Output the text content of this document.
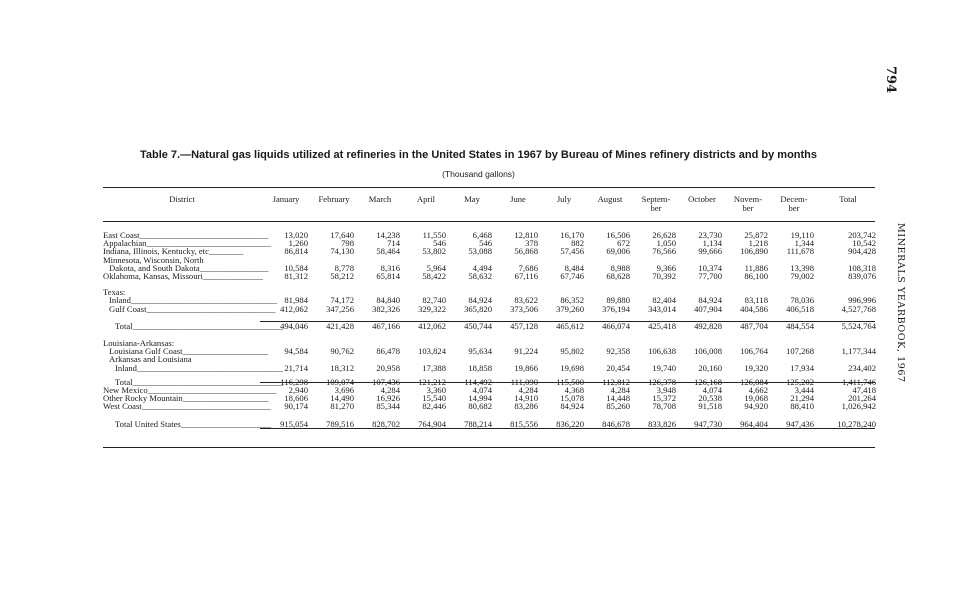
794
MINERALS YEARBOOK, 1967
Table 7.—Natural gas liquids utilized at refineries in the United States in 1967 by Bureau of Mines refinery districts and by months
(Thousand gallons)
District	January	February	March	April	May	June	July	August	Septem-
ber	October	Novem-
ber	Decem-
ber	Total
East Coast______________________________	13,020	17,640	14,238	11,550	6,468	12,810	16,170	16,506	26,628	23,730	25,872	19,110	203,742
Appalachian_____________________________	1,260	798	714	546	546	378	882	672	1,050	1,134	1,218	1,344	10,542
Indiana, Illinois, Kentucky, etc________	86,814	74,130	58,464	53,802	53,088	56,868	57,456	69,006	76,566	99,666	106,890	111,678	904,428
Minnesota, Wisconsin, North													
Dakota, and South Dakota________________	10,584	8,778	8,316	5,964	4,494	7,686	8,484	8,988	9,366	10,374	11,886	13,398	108,318
Oklahoma, Kansas, Missouri______________	81,312	58,212	65,814	58,422	58,632	67,116	67,746	68,628	70,392	77,700	86,100	79,002	839,076

Texas:													
Inland__________________________________	81,984	74,172	84,840	82,740	84,924	83,622	86,352	89,880	82,404	84,924	83,118	78,036	996,996
Gulf Coast______________________________	412,062	347,256	382,326	329,322	365,820	373,506	379,260	376,194	343,014	407,904	404,586	406,518	4,527,768

Total___________________________________	494,046	421,428	467,166	412,062	450,744	457,128	465,612	466,074	425,418	492,828	487,704	484,554	5,524,764

Louisiana-Arkansas:													
Louisiana Gulf Coast____________________	94,584	90,762	86,478	103,824	95,634	91,224	95,802	92,358	106,638	106,008	106,764	107,268	1,177,344
Arkansas and Louisiana													
Inland__________________________________	21,714	18,312	20,958	17,388	18,858	19,866	19,698	20,454	19,740	20,160	19,320	17,934	234,402

Total___________________________________	116,298	109,074	107,436	121,212	114,492	111,090	115,500	112,812	126,378	126,168	126,084	125,202	1,411,746
New Mexico______________________________	2,940	3,696	4,284	3,360	4,074	4,284	4,368	4,284	3,948	4,074	4,662	3,444	47,418
Other Rocky Mountain____________________	18,606	14,490	16,926	15,540	14,994	14,910	15,078	14,448	15,372	20,538	19,068	21,294	201,264
West Coast______________________________	90,174	81,270	85,344	82,446	80,682	83,286	84,924	85,260	78,708	91,518	94,920	88,410	1,026,942

Total United States_____________________	915,054	789,516	828,702	764,904	788,214	815,556	836,220	846,678	833,826	947,730	964,404	947,436	10,278,240
